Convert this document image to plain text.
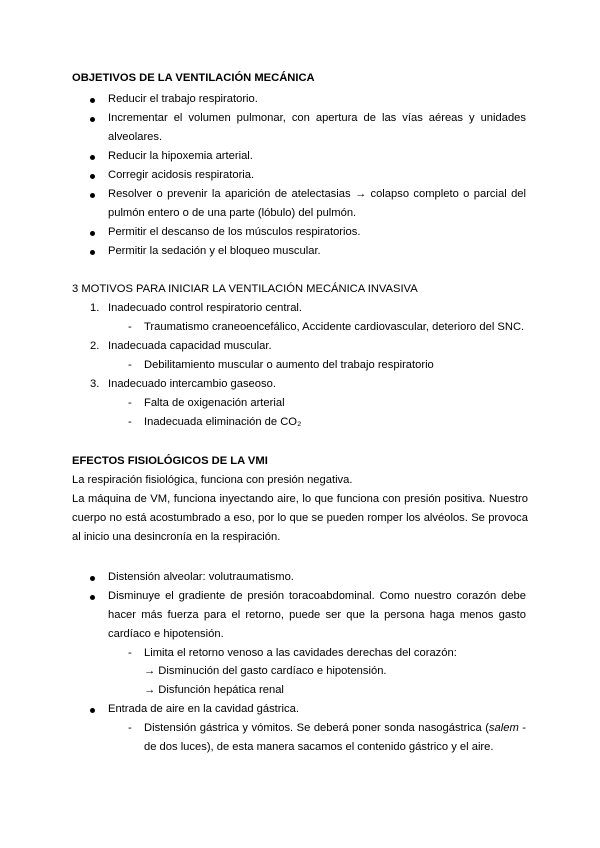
OBJETIVOS DE LA VENTILACIÓN MECÁNICA
Reducir el trabajo respiratorio.
Incrementar el volumen pulmonar, con apertura de las vías aéreas y unidades
alveolares.
Reducir la hipoxemia arterial.
Corregir acidosis respiratoria.
Resolver o prevenir la aparición de atelectasias → colapso completo o parcial del
pulmón entero o de una parte (lóbulo) del pulmón.
Permitir el descanso de los músculos respiratorios.
Permitir la sedación y el bloqueo muscular.
3 MOTIVOS PARA INICIAR LA VENTILACIÓN MECÁNICA INVASIVA
1. Inadecuado control respiratorio central.
- Traumatismo craneoencefálico, Accidente cardiovascular, deterioro del SNC.
2. Inadecuada capacidad muscular.
- Debilitamiento muscular o aumento del trabajo respiratorio
3. Inadecuado intercambio gaseoso.
- Falta de oxigenación arterial
- Inadecuada eliminación de CO₂
EFECTOS FISIOLÓGICOS DE LA VMI
La respiración fisiológica, funciona con presión negativa.
La máquina de VM, funciona inyectando aire, lo que funciona con presión positiva. Nuestro
cuerpo no está acostumbrado a eso, por lo que se pueden romper los alvéolos. Se provoca
al inicio una desincronía en la respiración.
Distensión alveolar: volutraumatismo.
Disminuye el gradiente de presión toracoabdominal. Como nuestro corazón debe
hacer más fuerza para el retorno, puede ser que la persona haga menos gasto
cardíaco e hipotensión.
- Limita el retorno venoso a las cavidades derechas del corazón:
→ Disminución del gasto cardíaco e hipotensión.
→ Disfunción hepática renal
Entrada de aire en la cavidad gástrica.
- Distensión gástrica y vómitos. Se deberá poner sonda nasogástrica (salem -
de dos luces), de esta manera sacamos el contenido gástrico y el aire.
